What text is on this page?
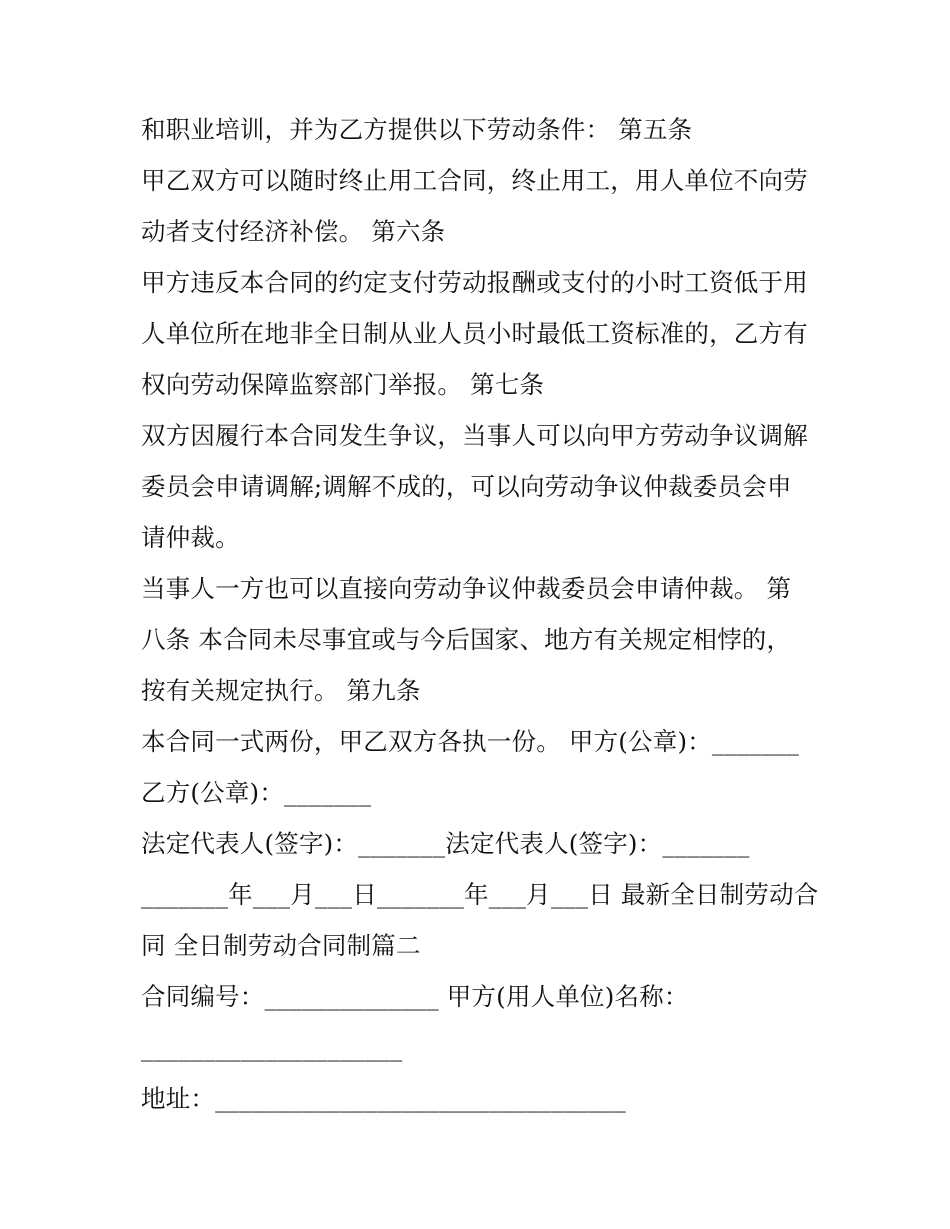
和职业培训，并为乙方提供以下劳动条件： 第五条
甲乙双方可以随时终止用工合同，终止用工，用人单位不向劳
动者支付经济补偿。 第六条
甲方违反本合同的约定支付劳动报酬或支付的小时工资低于用
人单位所在地非全日制从业人员小时最低工资标准的，乙方有
权向劳动保障监察部门举报。 第七条
双方因履行本合同发生争议，当事人可以向甲方劳动争议调解
委员会申请调解;调解不成的，可以向劳动争议仲裁委员会申
请仲裁。
当事人一方也可以直接向劳动争议仲裁委员会申请仲裁。 第
八条 本合同未尽事宜或与今后国家、地方有关规定相悖的，
按有关规定执行。 第九条
本合同一式两份，甲乙双方各执一份。 甲方(公章)：_______
乙方(公章)：_______
法定代表人(签字)：_______法定代表人(签字)：_______
_______年___月___日_______年___月___日 最新全日制劳动合
同 全日制劳动合同制篇二
合同编号：______________ 甲方(用人单位)名称：
_____________________
地址：_________________________________
